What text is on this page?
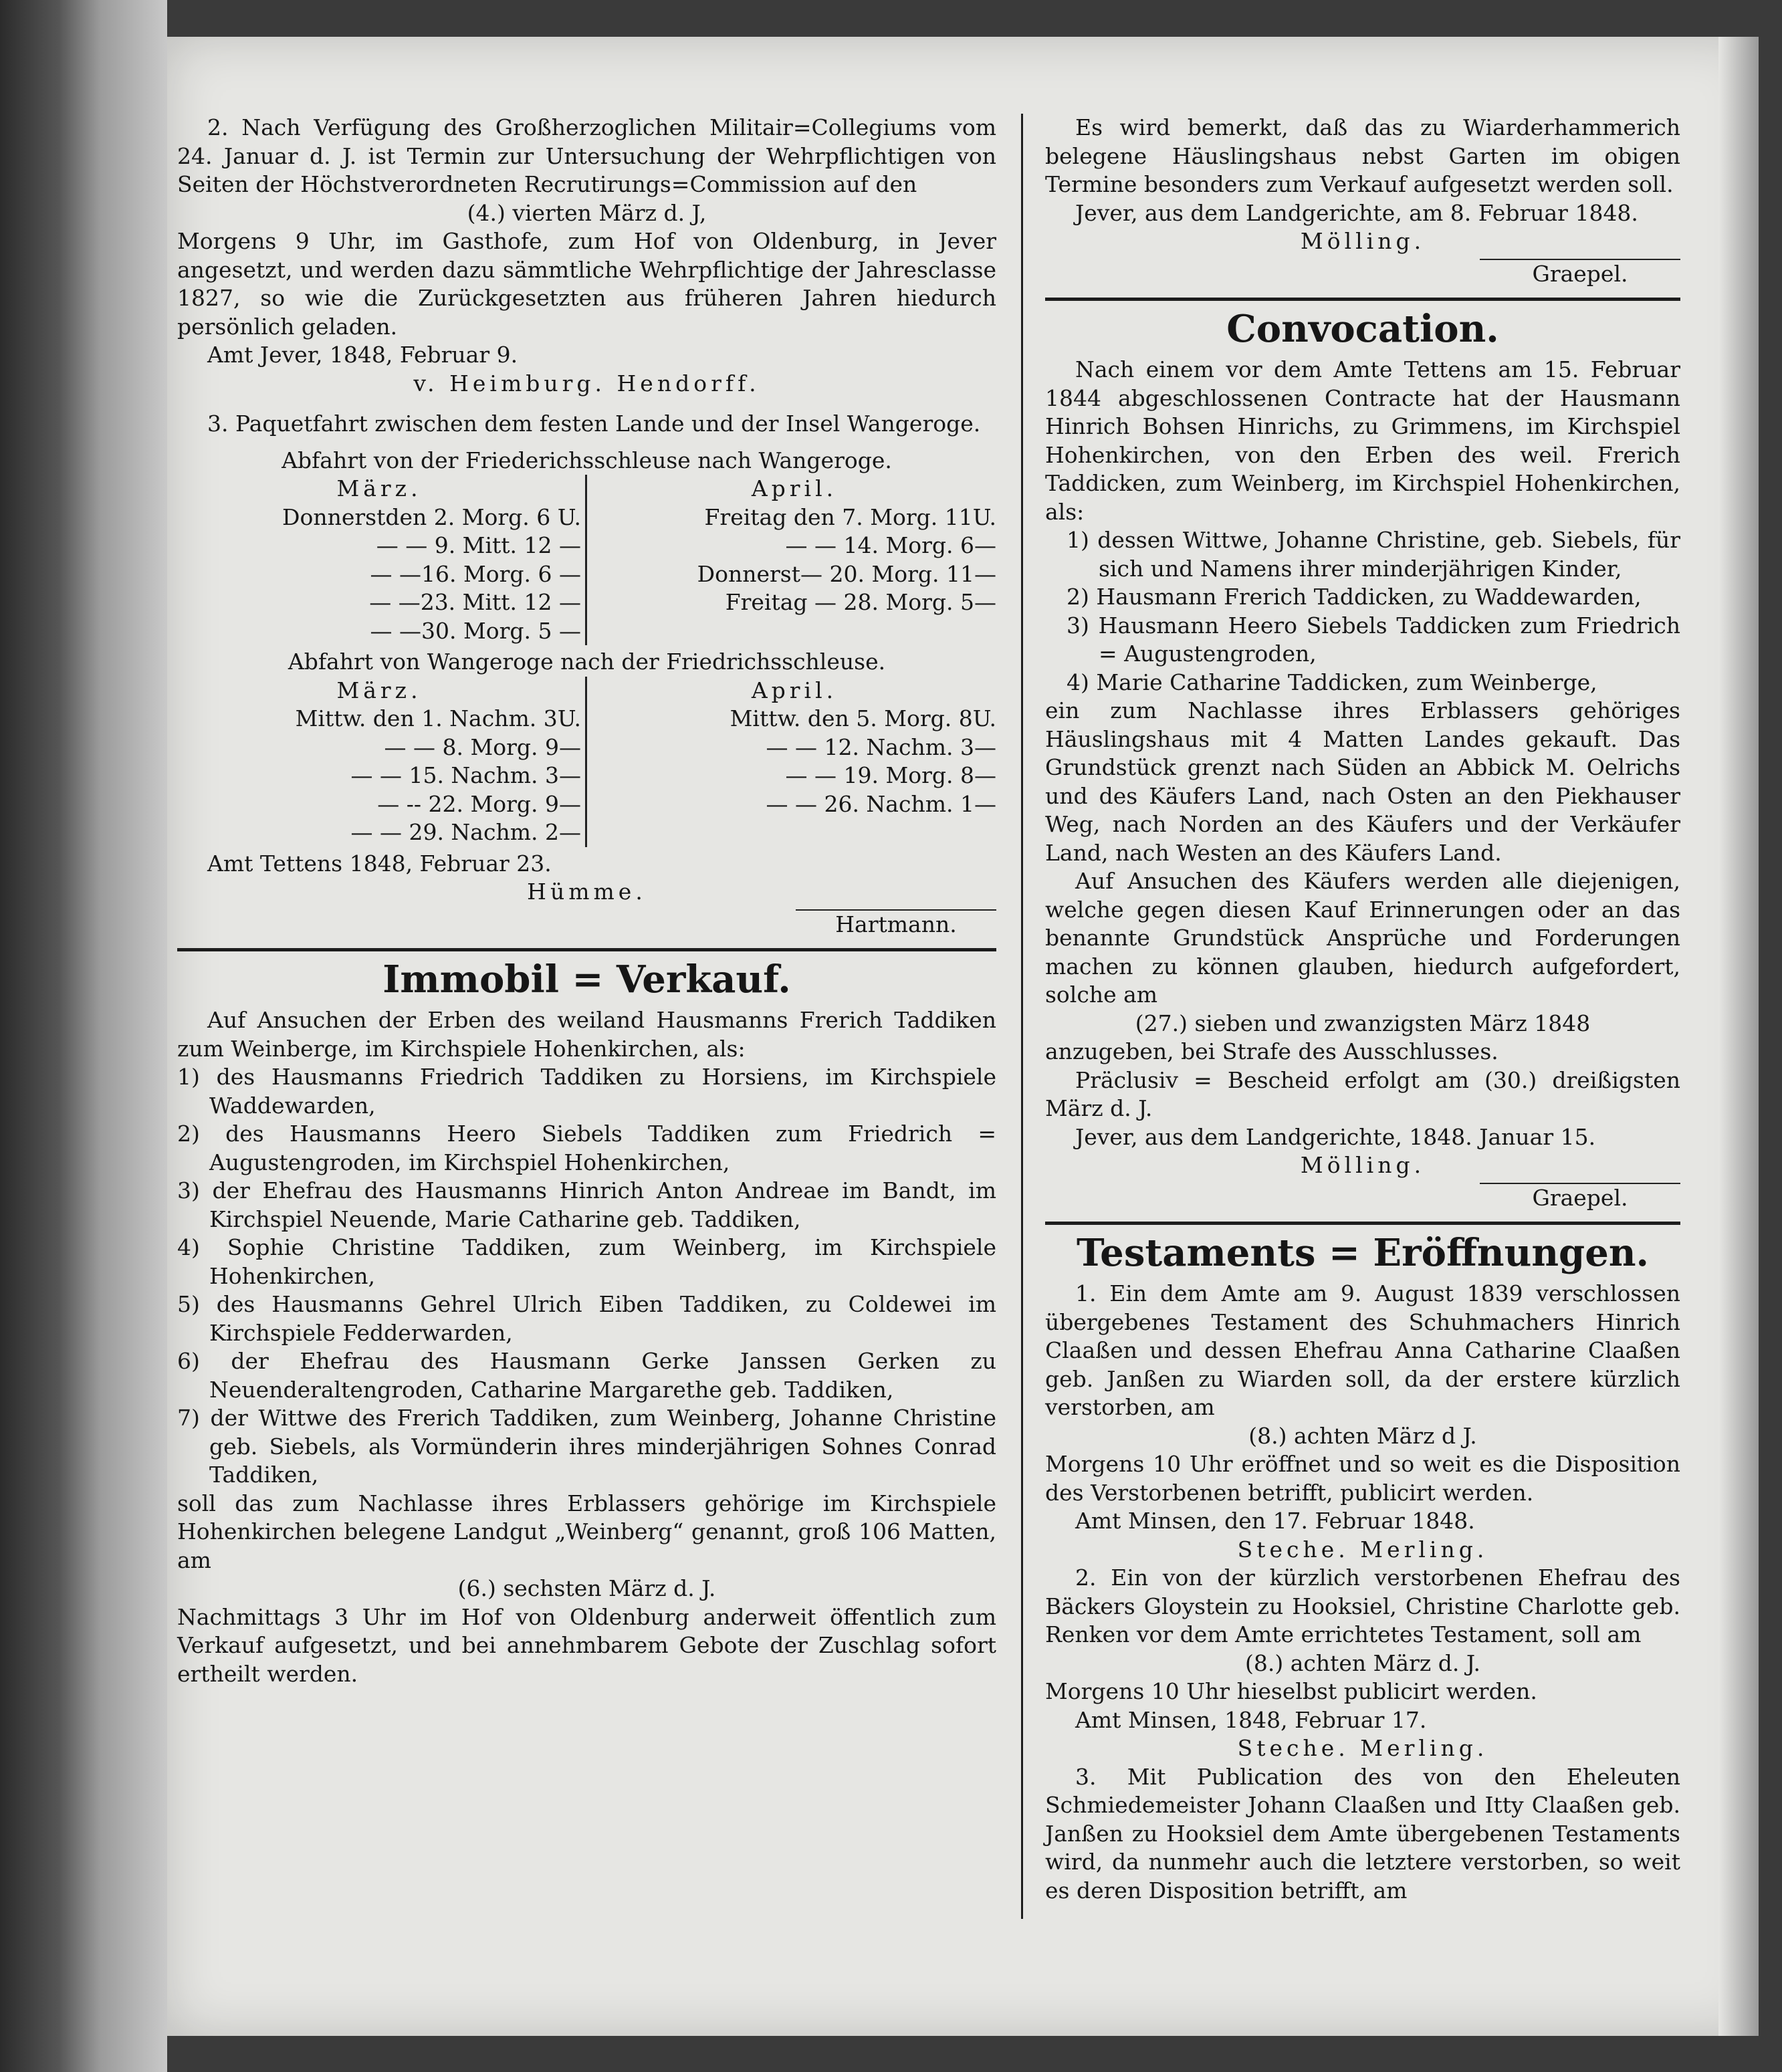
2. Nach Verfügung des Großherzoglichen Militair=Collegiums vom 24. Januar d. J. ist Termin zur Untersuchung der Wehrpflichtigen von Seiten der Höchstverordneten Recrutirungs=Commission auf den

(4.) vierten März d. J,

Morgens 9 Uhr, im Gasthofe, zum Hof von Oldenburg, in Jever angesetzt, und werden dazu sämmtliche Wehrpflichtige der Jahresclasse 1827, so wie die Zurückgesetzten aus früheren Jahren hiedurch persönlich geladen.

Amt Jever, 1848, Februar 9.

v. Heimburg. Hendorff.

3. Paquetfahrt zwischen dem festen Lande und der Insel Wangeroge.

Abfahrt von der Friederichsschleuse nach Wangeroge.

März.

Donnerstden 2. Morg. 6 U.

— — 9. Mitt. 12 —

— —16. Morg. 6 —

— —23. Mitt. 12 —

— —30. Morg. 5 —

April.

Freitag den 7. Morg. 11U.

— — 14. Morg. 6—

Donnerst— 20. Morg. 11—

Freitag — 28. Morg. 5—

Abfahrt von Wangeroge nach der Friedrichsschleuse.

März.

Mittw. den 1. Nachm. 3U.

— — 8. Morg. 9—

— — 15. Nachm. 3—

— -- 22. Morg. 9—

— — 29. Nachm. 2—

April.

Mittw. den 5. Morg. 8U.

— — 12. Nachm. 3—

— — 19. Morg. 8—

— — 26. Nachm. 1—

Amt Tettens 1848, Februar 23.

Hümme.

Hartmann.
Immobil = Verkauf.

Auf Ansuchen der Erben des weiland Hausmanns Frerich Taddiken zum Weinberge, im Kirchspiele Hohenkirchen, als:

1) des Hausmanns Friedrich Taddiken zu Horsiens, im Kirchspiele Waddewarden,

2) des Hausmanns Heero Siebels Taddiken zum Friedrich = Augustengroden, im Kirchspiel Hohenkirchen,

3) der Ehefrau des Hausmanns Hinrich Anton Andreae im Bandt, im Kirchspiel Neuende, Marie Catharine geb. Taddiken,

4) Sophie Christine Taddiken, zum Weinberg, im Kirchspiele Hohenkirchen,

5) des Hausmanns Gehrel Ulrich Eiben Taddiken, zu Coldewei im Kirchspiele Fedderwarden,

6) der Ehefrau des Hausmann Gerke Janssen Gerken zu Neuenderaltengroden, Catharine Margarethe geb. Taddiken,

7) der Wittwe des Frerich Taddiken, zum Weinberg, Johanne Christine geb. Siebels, als Vormünderin ihres minderjährigen Sohnes Conrad Taddiken,

soll das zum Nachlasse ihres Erblassers gehörige im Kirchspiele Hohenkirchen belegene Landgut „Weinberg“ genannt, groß 106 Matten, am

(6.) sechsten März d. J.

Nachmittags 3 Uhr im Hof von Oldenburg anderweit öffentlich zum Verkauf aufgesetzt, und bei annehmbarem Gebote der Zuschlag sofort ertheilt werden.

Es wird bemerkt, daß das zu Wiarderhammerich belegene Häuslingshaus nebst Garten im obigen Termine besonders zum Verkauf aufgesetzt werden soll.

Jever, aus dem Landgerichte, am 8. Februar 1848.

Mölling.

Graepel.
Convocation.

Nach einem vor dem Amte Tettens am 15. Februar 1844 abgeschlossenen Contracte hat der Hausmann Hinrich Bohsen Hinrichs, zu Grimmens, im Kirchspiel Hohenkirchen, von den Erben des weil. Frerich Taddicken, zum Weinberg, im Kirchspiel Hohenkirchen, als:

1) dessen Wittwe, Johanne Christine, geb. Siebels, für sich und Namens ihrer minderjährigen Kinder,

2) Hausmann Frerich Taddicken, zu Waddewarden,

3) Hausmann Heero Siebels Taddicken zum Friedrich = Augustengroden,

4) Marie Catharine Taddicken, zum Weinberge,

ein zum Nachlasse ihres Erblassers gehöriges Häuslingshaus mit 4 Matten Landes gekauft. Das Grundstück grenzt nach Süden an Abbick M. Oelrichs und des Käufers Land, nach Osten an den Piekhauser Weg, nach Norden an des Käufers und der Verkäufer Land, nach Westen an des Käufers Land.

Auf Ansuchen des Käufers werden alle diejenigen, welche gegen diesen Kauf Erinnerungen oder an das benannte Grundstück Ansprüche und Forderungen machen zu können glauben, hiedurch aufgefordert, solche am

(27.) sieben und zwanzigsten März 1848

anzugeben, bei Strafe des Ausschlusses.

Präclusiv = Bescheid erfolgt am (30.) dreißigsten März d. J.

Jever, aus dem Landgerichte, 1848. Januar 15.

Mölling.

Graepel.
Testaments = Eröffnungen.

1. Ein dem Amte am 9. August 1839 verschlossen übergebenes Testament des Schuhmachers Hinrich Claaßen und dessen Ehefrau Anna Catharine Claaßen geb. Janßen zu Wiarden soll, da der erstere kürzlich verstorben, am

(8.) achten März d J.

Morgens 10 Uhr eröffnet und so weit es die Disposition des Verstorbenen betrifft, publicirt werden.

Amt Minsen, den 17. Februar 1848.

Steche. Merling.

2. Ein von der kürzlich verstorbenen Ehefrau des Bäckers Gloystein zu Hooksiel, Christine Charlotte geb. Renken vor dem Amte errichtetes Testament, soll am

(8.) achten März d. J.

Morgens 10 Uhr hieselbst publicirt werden.

Amt Minsen, 1848, Februar 17.

Steche. Merling.

3. Mit Publication des von den Eheleuten Schmiedemeister Johann Claaßen und Itty Claaßen geb. Janßen zu Hooksiel dem Amte übergebenen Testaments wird, da nunmehr auch die letztere verstorben, so weit es deren Disposition betrifft, am
